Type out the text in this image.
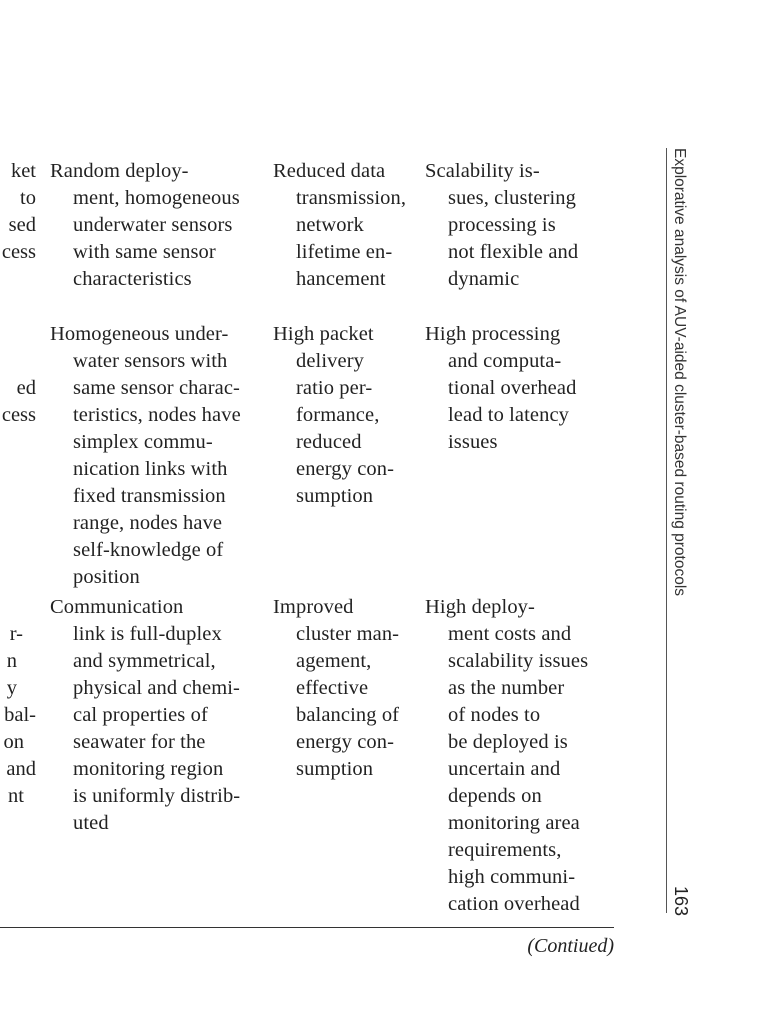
ket
to
sed
cess
Random deploy-
ment, homogeneous
underwater sensors
with same sensor
characteristics
Reduced data
transmission,
network
lifetime en-
hancement
Scalability is-
sues, clustering
processing is
not flexible and
dynamic
ed
cess
Homogeneous under-
water sensors with
same sensor charac-
teristics, nodes have
simplex commu-
nication links with
fixed transmission
range, nodes have
self-knowledge of
position
High packet
delivery
ratio per-
formance,
reduced
energy con-
sumption
High processing
and computa-
tional overhead
lead to latency
issues
r-
n
y
bal-
on
and
nt
Communication
link is full-duplex
and symmetrical,
physical and chemi-
cal properties of
seawater for the
monitoring region
is uniformly distrib-
uted
Improved
cluster man-
agement,
effective
balancing of
energy con-
sumption
High deploy-
ment costs and
scalability issues
as the number
of nodes to
be deployed is
uncertain and
depends on
monitoring area
requirements,
high communi-
cation overhead
(Contiued)
Explorative analysis of AUV-aided cluster-based routing protocols
163
